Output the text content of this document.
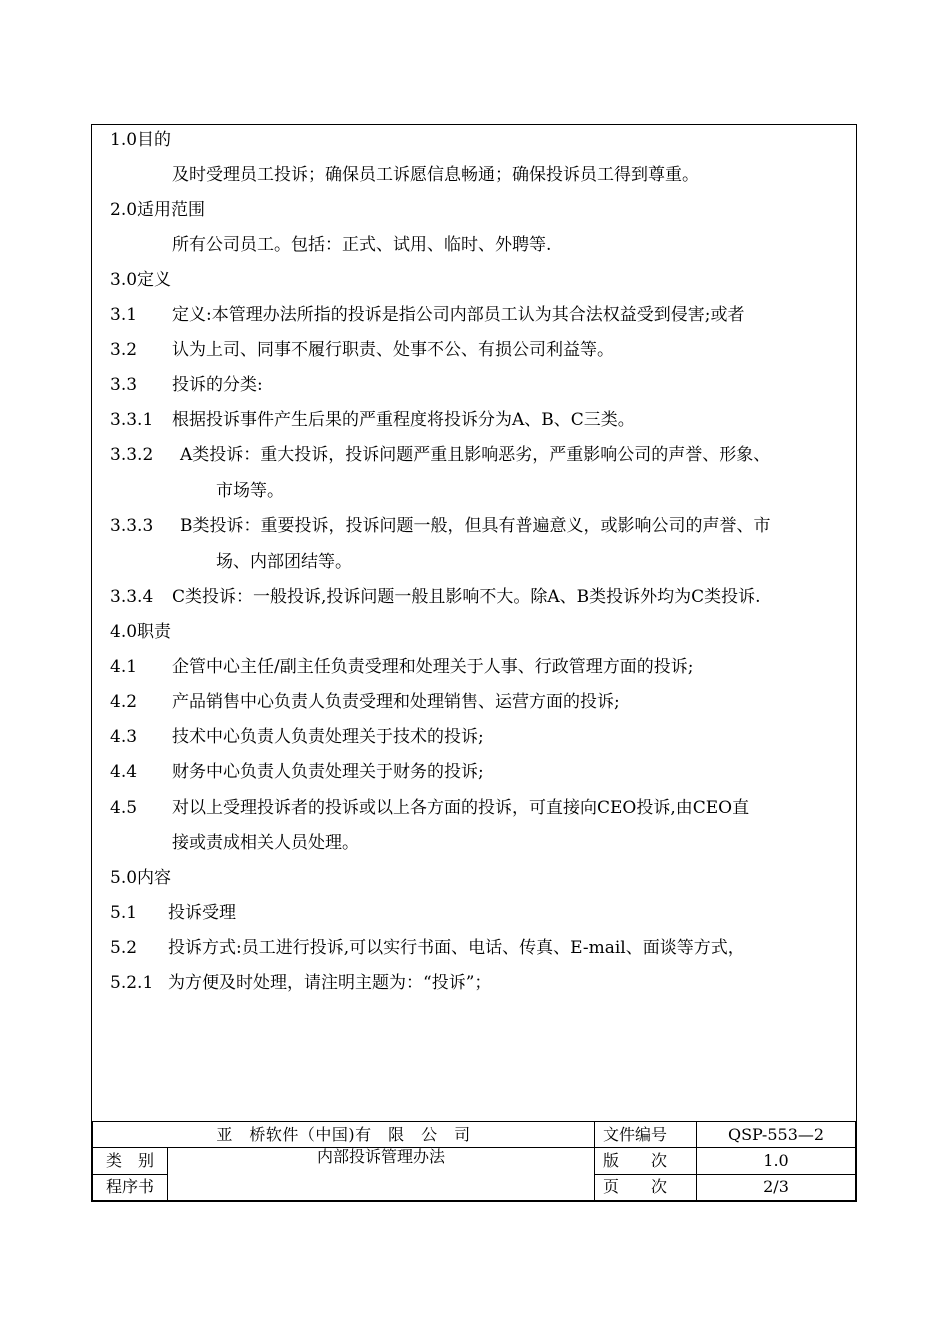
1.0目的
及时受理员工投诉；确保员工诉愿信息畅通；确保投诉员工得到尊重。
2.0适用范围
所有公司员工。包括：正式、试用、临时、外聘等.
3.0定义
3.1 定义:本管理办法所指的投诉是指公司内部员工认为其合法权益受到侵害;或者
3.2 认为上司、同事不履行职责、处事不公、有损公司利益等。
3.3 投诉的分类:
3.3.1 根据投诉事件产生后果的严重程度将投诉分为A、B、C三类。
3.3.2 A类投诉：重大投诉，投诉问题严重且影响恶劣，严重影响公司的声誉、形象、
市场等。
3.3.3 B类投诉：重要投诉，投诉问题一般，但具有普遍意义，或影响公司的声誉、市
场、内部团结等。
3.3.4 C类投诉：一般投诉,投诉问题一般且影响不大。除A、B类投诉外均为C类投诉.
4.0职责
4.1 企管中心主任/副主任负责受理和处理关于人事、行政管理方面的投诉;
4.2 产品销售中心负责人负责受理和处理销售、运营方面的投诉;
4.3 技术中心负责人负责处理关于技术的投诉;
4.4 财务中心负责人负责处理关于财务的投诉;
4.5 对以上受理投诉者的投诉或以上各方面的投诉，可直接向CEO投诉,由CEO直
接或责成相关人员处理。
5.0内容
5.1 投诉受理
5.2 投诉方式:员工进行投诉,可以实行书面、电话、传真、E-mail、面谈等方式，
5.2.1 为方便及时处理，请注明主题为：“投诉”；
亚　桥软件（中国)有　限　公　司		文件编号	QSP-553—2
类　别	内部投诉管理办法	版　　次	1.0
程序书		页　　次	2/3
